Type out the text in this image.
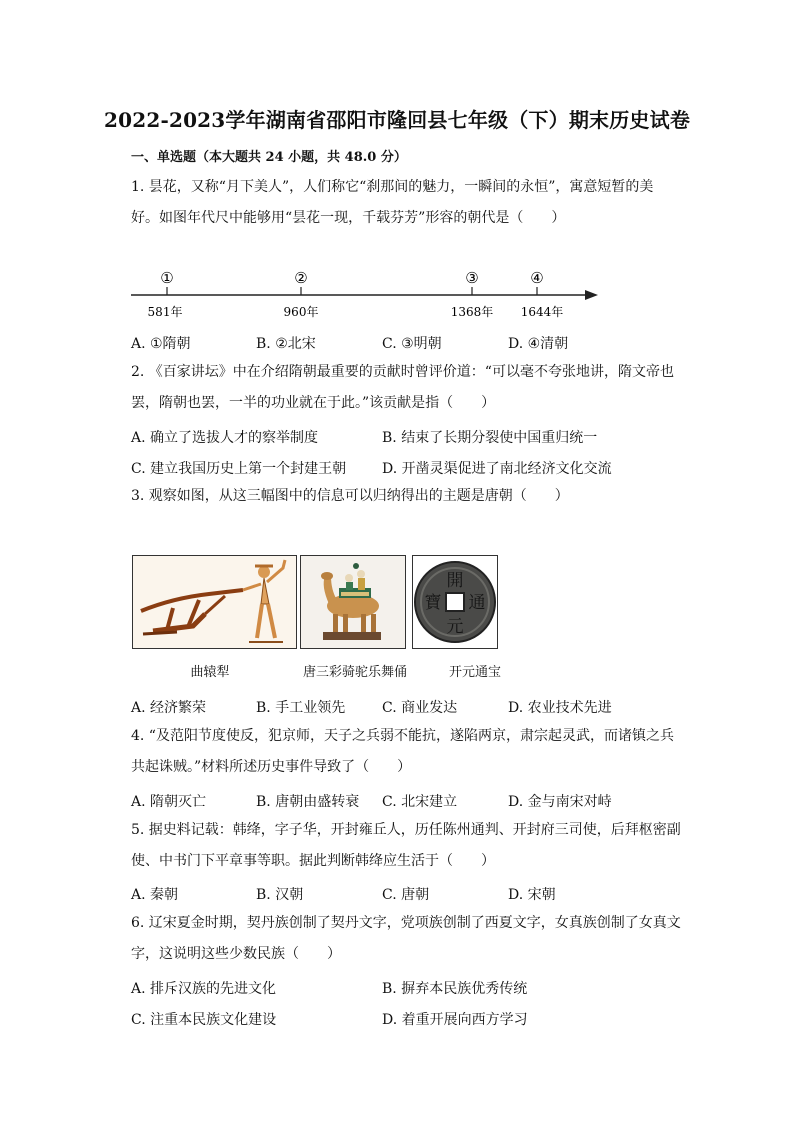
2022-2023学年湖南省邵阳市隆回县七年级（下）期末历史试卷
一、单选题（本大题共 24 小题，共 48.0 分）
1. 昙花，又称“月下美人”，人们称它“刹那间的魅力，一瞬间的永恒”，寓意短暂的美
好。如图年代尺中能够用“昙花一现，千载芬芳”形容的朝代是（　　）
①	②	③	④
581年	960年	1368年 1644年
A. ①隋朝	B. ②北宋	C. ③明朝	D. ④清朝
2. 《百家讲坛》中在介绍隋朝最重要的贡献时曾评价道：“可以毫不夸张地讲，隋文帝也
罢，隋朝也罢，一半的功业就在于此。”该贡献是指（　　）
A. 确立了选拔人才的察举制度	B. 结束了长期分裂使中国重归统一
C. 建立我国历史上第一个封建王朝	D. 开凿灵渠促进了南北经济文化交流
3. 观察如图，从这三幅图中的信息可以归纳得出的主题是唐朝（　　）
開
通
元
寶
曲辕犁	唐三彩骑驼乐舞俑	开元通宝
A. 经济繁荣	B. 手工业领先	C. 商业发达	D. 农业技术先进
4. “及范阳节度使反，犯京师，天子之兵弱不能抗，遂陷两京，肃宗起灵武，而诸镇之兵
共起诛贼。”材料所述历史事件导致了（　　）
A. 隋朝灭亡	B. 唐朝由盛转衰 C. 北宋建立	D. 金与南宋对峙
5. 据史料记载：韩绛，字子华，开封雍丘人，历任陈州通判、开封府三司使，后拜枢密副
使、中书门下平章事等职。据此判断韩绛应生活于（　　）
A. 秦朝	B. 汉朝	C. 唐朝	D. 宋朝
6. 辽宋夏金时期，契丹族创制了契丹文字，党项族创制了西夏文字，女真族创制了女真文
字，这说明这些少数民族（　　）
A. 排斥汉族的先进文化	B. 摒弃本民族优秀传统
C. 注重本民族文化建设	D. 着重开展向西方学习
